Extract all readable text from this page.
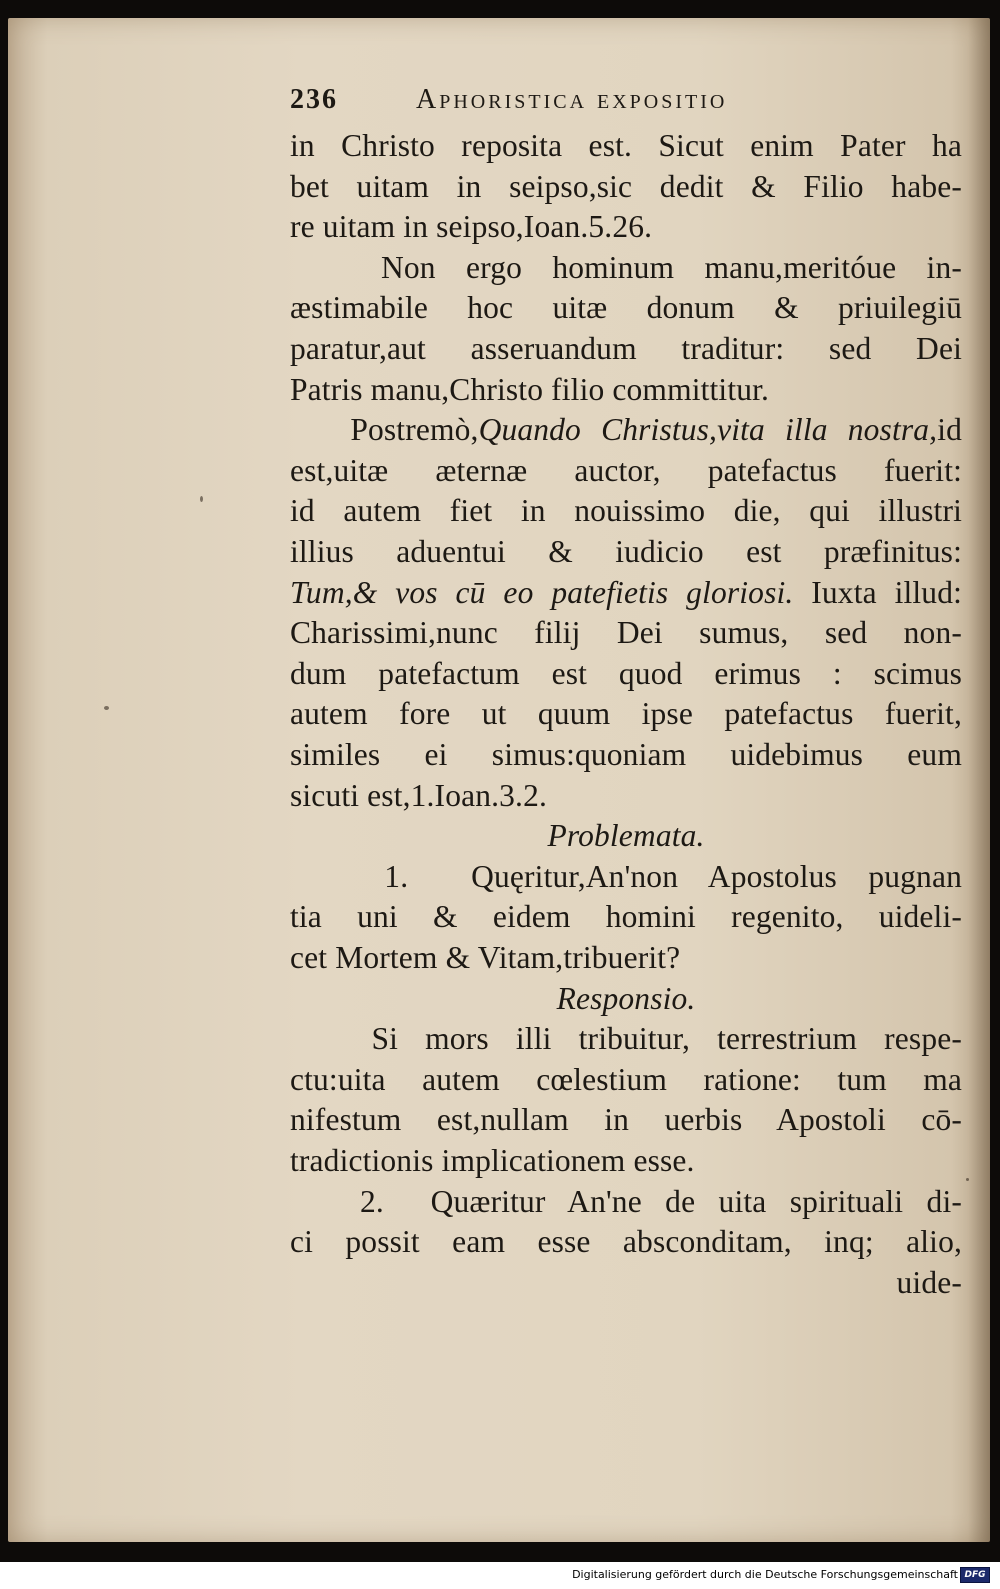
236	Aphoristica expositio
in Christo reposita est. Sicut enim Pater ha
bet uitam in seipso,sic dedit & Filio habe-
re uitam in seipso,Ioan.5.26.
Non ergo hominum manu,meritóue in-
æstimabile hoc uitæ donum & priuilegiū
paratur,aut asseruandum traditur: sed Dei
Patris manu,Christo filio committitur.
Postremò,Quando Christus,vita illa nostra,id
est,uitæ æternæ auctor, patefactus fuerit:
id autem fiet in nouissimo die, qui illustri
illius aduentui & iudicio est præfinitus:
Tum,& vos cū eo patefietis gloriosi. Iuxta illud:
Charissimi,nunc filij Dei sumus, sed non-
dum patefactum est quod erimus : scimus
autem fore ut quum ipse patefactus fuerit,
similes ei simus:quoniam uidebimus eum
sicuti est,1.Ioan.3.2.
Problemata.
1.  Quęritur,An'non Apostolus pugnan
tia uni & eidem homini regenito, uideli-
cet Mortem & Vitam,tribuerit?
Responsio.
Si mors illi tribuitur, terrestrium respe-
ctu:uita autem cœlestium ratione: tum ma
nifestum est,nullam in uerbis Apostoli cō-
tradictionis implicationem esse.
2.  Quæritur An'ne de uita spirituali di-
ci possit eam esse absconditam, inq; alio,
uide-
Digitalisierung gefördert durch die Deutsche Forschungsgemeinschaft DFG
